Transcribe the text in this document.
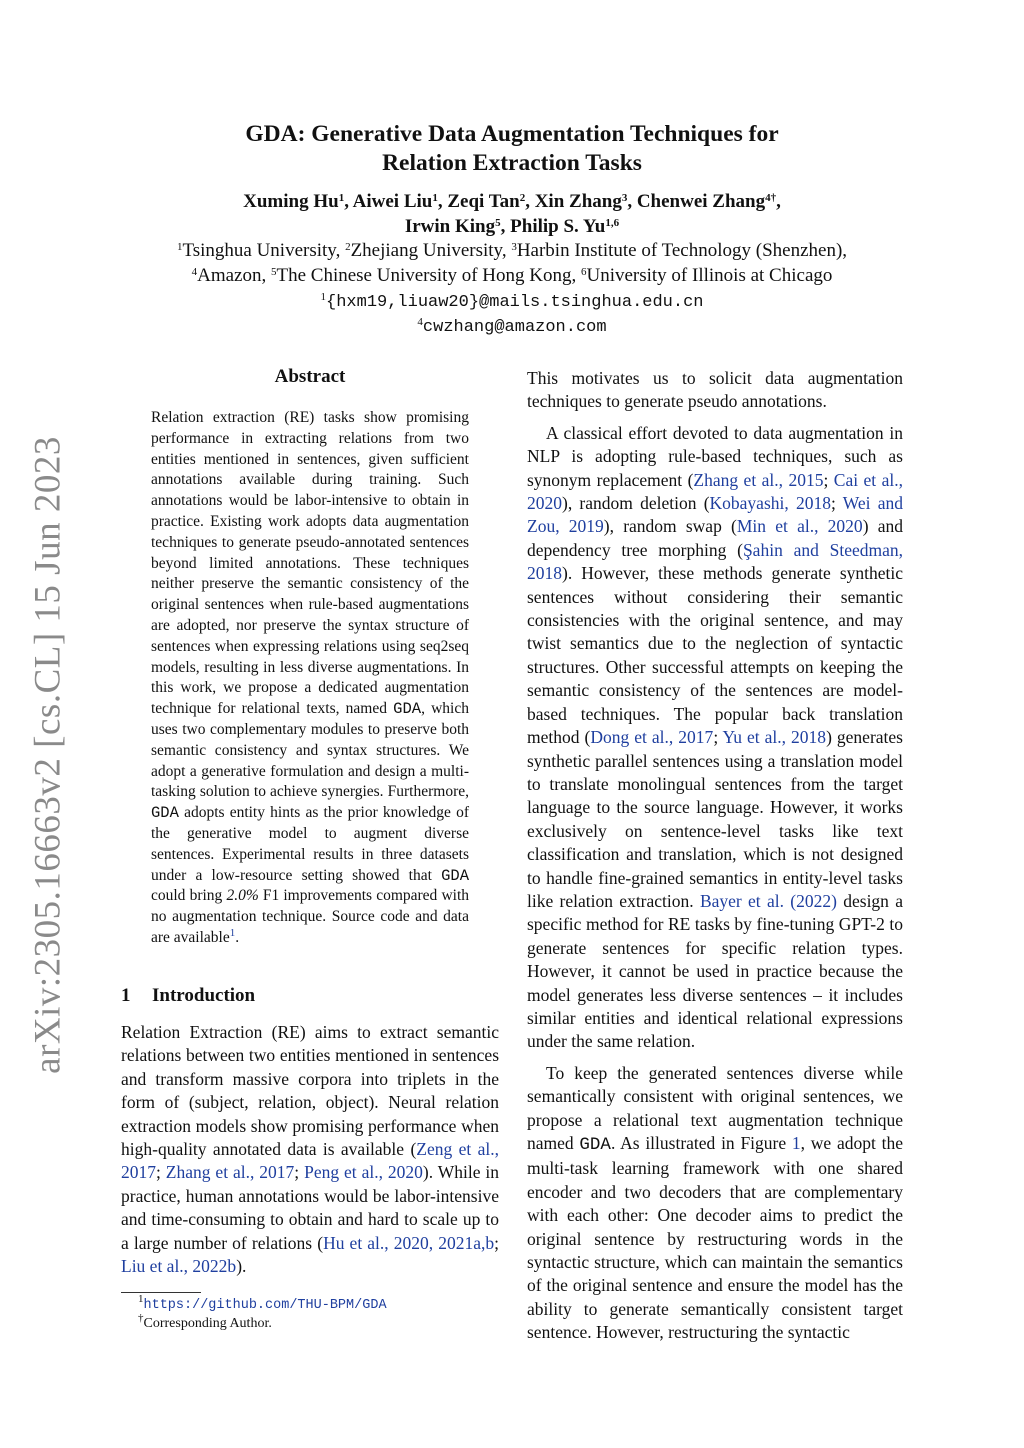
arXiv:2305.16663v2 [cs.CL] 15 Jun 2023
GDA: Generative Data Augmentation Techniques for
Relation Extraction Tasks
Xuming Hu$^1$, Aiwei Liu$^1$, Zeqi Tan$^2$, Xin Zhang$^3$, Chenwei Zhang$^{4\dagger}$,
Irwin King$^5$, Philip S. Yu$^{1,6}$
$^1$Tsinghua University, $^2$Zhejiang University, $^3$Harbin Institute of Technology (Shenzhen),
$^4$Amazon, $^5$The Chinese University of Hong Kong, $^6$University of Illinois at Chicago
$^1${hxm19,liuaw20}@mails.tsinghua.edu.cn
$^4$cwzhang@amazon.com
Abstract
Relation extraction (RE) tasks show promising performance in extracting relations from two entities mentioned in sentences, given sufficient annotations available during training. Such annotations would be labor-intensive to obtain in practice. Existing work adopts data augmentation techniques to generate pseudo-annotated sentences beyond limited annotations. These techniques neither preserve the semantic consistency of the original sentences when rule-based augmentations are adopted, nor preserve the syntax structure of sentences when expressing relations using seq2seq models, resulting in less diverse augmentations. In this work, we propose a dedicated augmentation technique for relational texts, named GDA, which uses two complementary modules to preserve both semantic consistency and syntax structures. We adopt a generative formulation and design a multi-tasking solution to achieve synergies. Furthermore, GDA adopts entity hints as the prior knowledge of the generative model to augment diverse sentences. Experimental results in three datasets under a low-resource setting showed that GDA could bring 2.0% F1 improvements compared with no augmentation technique. Source code and data are available$^1$.
1 Introduction

Relation Extraction (RE) aims to extract semantic relations between two entities mentioned in sentences and transform massive corpora into triplets in the form of (subject, relation, object). Neural relation extraction models show promising performance when high-quality annotated data is available (Zeng et al., 2017; Zhang et al., 2017; Peng et al., 2020). While in practice, human annotations would be labor-intensive and time-consuming to obtain and hard to scale up to a large number of relations (Hu et al., 2020, 2021a,b; Liu et al., 2022b).

This motivates us to solicit data augmentation techniques to generate pseudo annotations.

A classical effort devoted to data augmentation in NLP is adopting rule-based techniques, such as synonym replacement (Zhang et al., 2015; Cai et al., 2020), random deletion (Kobayashi, 2018; Wei and Zou, 2019), random swap (Min et al., 2020) and dependency tree morphing (Şahin and Steedman, 2018). However, these methods generate synthetic sentences without considering their semantic consistencies with the original sentence, and may twist semantics due to the neglection of syntactic structures. Other successful attempts on keeping the semantic consistency of the sentences are model-based techniques. The popular back translation method (Dong et al., 2017; Yu et al., 2018) generates synthetic parallel sentences using a translation model to translate monolingual sentences from the target language to the source language. However, it works exclusively on sentence-level tasks like text classification and translation, which is not designed to handle fine-grained semantics in entity-level tasks like relation extraction. Bayer et al. (2022) design a specific method for RE tasks by fine-tuning GPT-2 to generate sentences for specific relation types. However, it cannot be used in practice because the model generates less diverse sentences – it includes similar entities and identical relational expressions under the same relation.

To keep the generated sentences diverse while semantically consistent with original sentences, we propose a relational text augmentation technique named GDA. As illustrated in Figure 1, we adopt the multi-task learning framework with one shared encoder and two decoders that are complementary with each other: One decoder aims to predict the original sentence by restructuring words in the syntactic structure, which can maintain the semantics of the original sentence and ensure the model has the ability to generate semantically consistent target sentence. However, restructuring the syntactic

$^1$https://github.com/THU-BPM/GDA
†Corresponding Author.
